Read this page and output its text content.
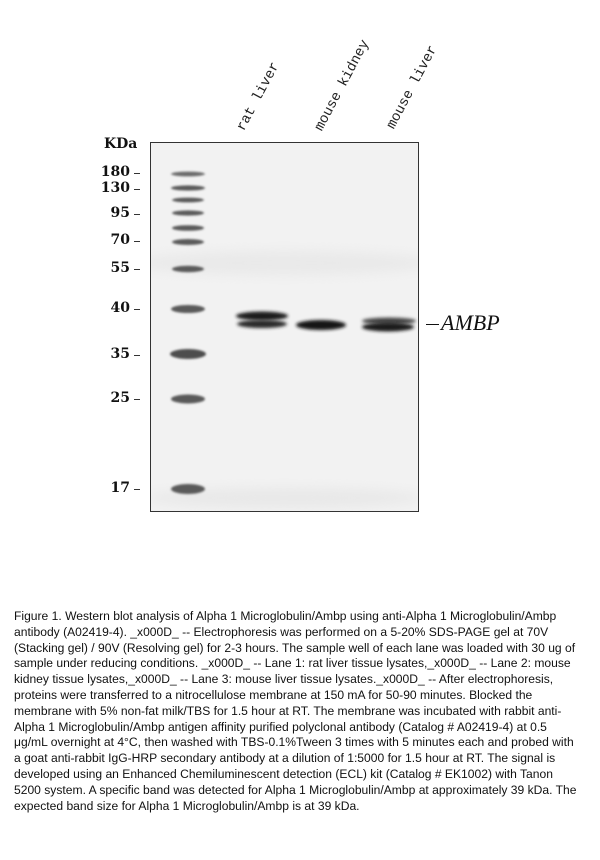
rat liver mouse kidney mouse liver
KDa
180
130
95
70
55
40
35
25
17
AMBP
Figure 1. Western blot analysis of Alpha 1 Microglobulin/Ambp using anti-Alpha 1 Microglobulin/Ambp antibody (A02419-4). _x000D_ -- Electrophoresis was performed on a 5-20% SDS-PAGE gel at 70V (Stacking gel) / 90V (Resolving gel) for 2-3 hours. The sample well of each lane was loaded with 30 ug of sample under reducing conditions. _x000D_ -- Lane 1: rat liver tissue lysates,_x000D_ -- Lane 2: mouse kidney tissue lysates,_x000D_ -- Lane 3: mouse liver tissue lysates._x000D_ -- After electrophoresis, proteins were transferred to a nitrocellulose membrane at 150 mA for 50-90 minutes. Blocked the membrane with 5% non-fat milk/TBS for 1.5 hour at RT. The membrane was incubated with rabbit anti-Alpha 1 Microglobulin/Ambp antigen affinity purified polyclonal antibody (Catalog # A02419-4) at 0.5 μg/mL overnight at 4°C, then washed with TBS-0.1%Tween 3 times with 5 minutes each and probed with a goat anti-rabbit IgG-HRP secondary antibody at a dilution of 1:5000 for 1.5 hour at RT. The signal is developed using an Enhanced Chemiluminescent detection (ECL) kit (Catalog # EK1002) with Tanon 5200 system. A specific band was detected for Alpha 1 Microglobulin/Ambp at approximately 39 kDa. The expected band size for Alpha 1 Microglobulin/Ambp is at 39 kDa.
